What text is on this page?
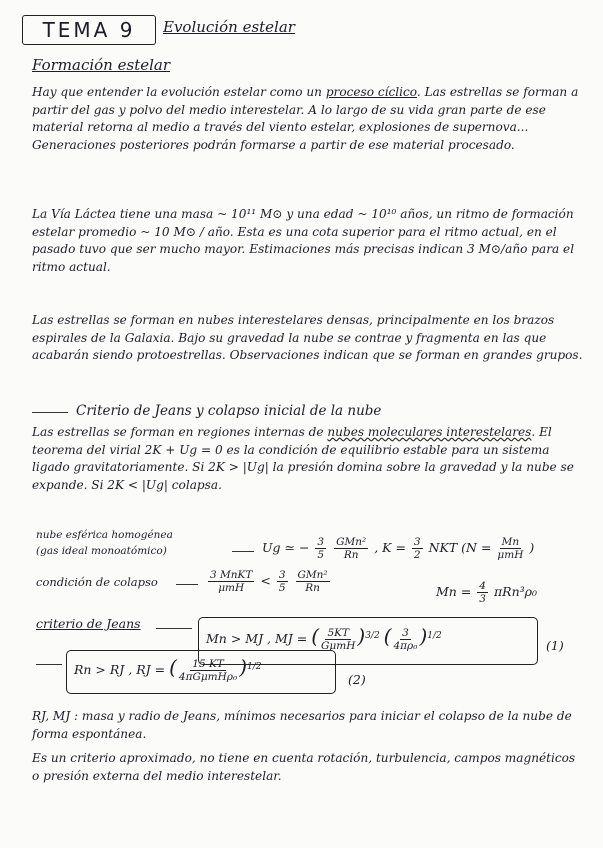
TEMA 9 Evolución estelar
Formación estelar
Hay que entender la evolución estelar como un proceso cíclico. Las estrellas se forman a partir del gas y polvo del medio interestelar. A lo largo de su vida gran parte de ese material retorna al medio a través del viento estelar, explosiones de supernova... Generaciones posteriores podrán formarse a partir de ese material procesado.
La Vía Láctea tiene una masa ~ 10¹¹ M⊙ y una edad ~ 10¹⁰ años, un ritmo de formación estelar promedio ~ 10 M⊙ / año. Esta es una cota superior para el ritmo actual, en el pasado tuvo que ser mucho mayor. Estimaciones más precisas indican 3 M⊙/año para el ritmo actual.
Las estrellas se forman en nubes interestelares densas, principalmente en los brazos espirales de la Galaxia. Bajo su gravedad la nube se contrae y fragmenta en las que acabarán siendo protoestrellas. Observaciones indican que se forman en grandes grupos.
Criterio de Jeans y colapso inicial de la nube
Las estrellas se forman en regiones internas de nubes moleculares interestelares. El teorema del virial 2K + Ug = 0 es la condición de equilibrio estable para un sistema ligado gravitatoriamente. Si 2K > |Ug| la presión domina sobre la gravedad y la nube se expande. Si 2K < |Ug| colapsa.
nube esférica homogénea
(gas ideal monoatómico)	Ug ≃ − $\frac{3}{5}$
$\frac{\text{GMn²}}{Rn}$ , $K = \frac{3}{2}$ NKT ($N = \frac{Mn}{\text{μmH}}$ )
condición de colapso	$\frac{\text{3 MnKT}}{\text{μmH}} < \frac{3}{5}$
$\frac{\text{GMn²}}{Rn}$	$Mn = \frac{4}{3} \pi Rn^3\rho_0$
criterio de Jeans
Mn > MJ , MJ = ( $\frac{5KT}{\text{GμmH}} )^{3/2}$ ( $\frac{3}{\text{4πρ₀}} )^{1/2}$
(1)
Rn > RJ , RJ = ( $\frac{15 KT}{\text{4πGμmHρ₀}} )^{1/2}$
(2)
RJ, MJ : masa y radio de Jeans, mínimos necesarios para iniciar el colapso de la nube de forma espontánea.
Es un criterio aproximado, no tiene en cuenta rotación, turbulencia, campos magnéticos o presión externa del medio interestelar.
